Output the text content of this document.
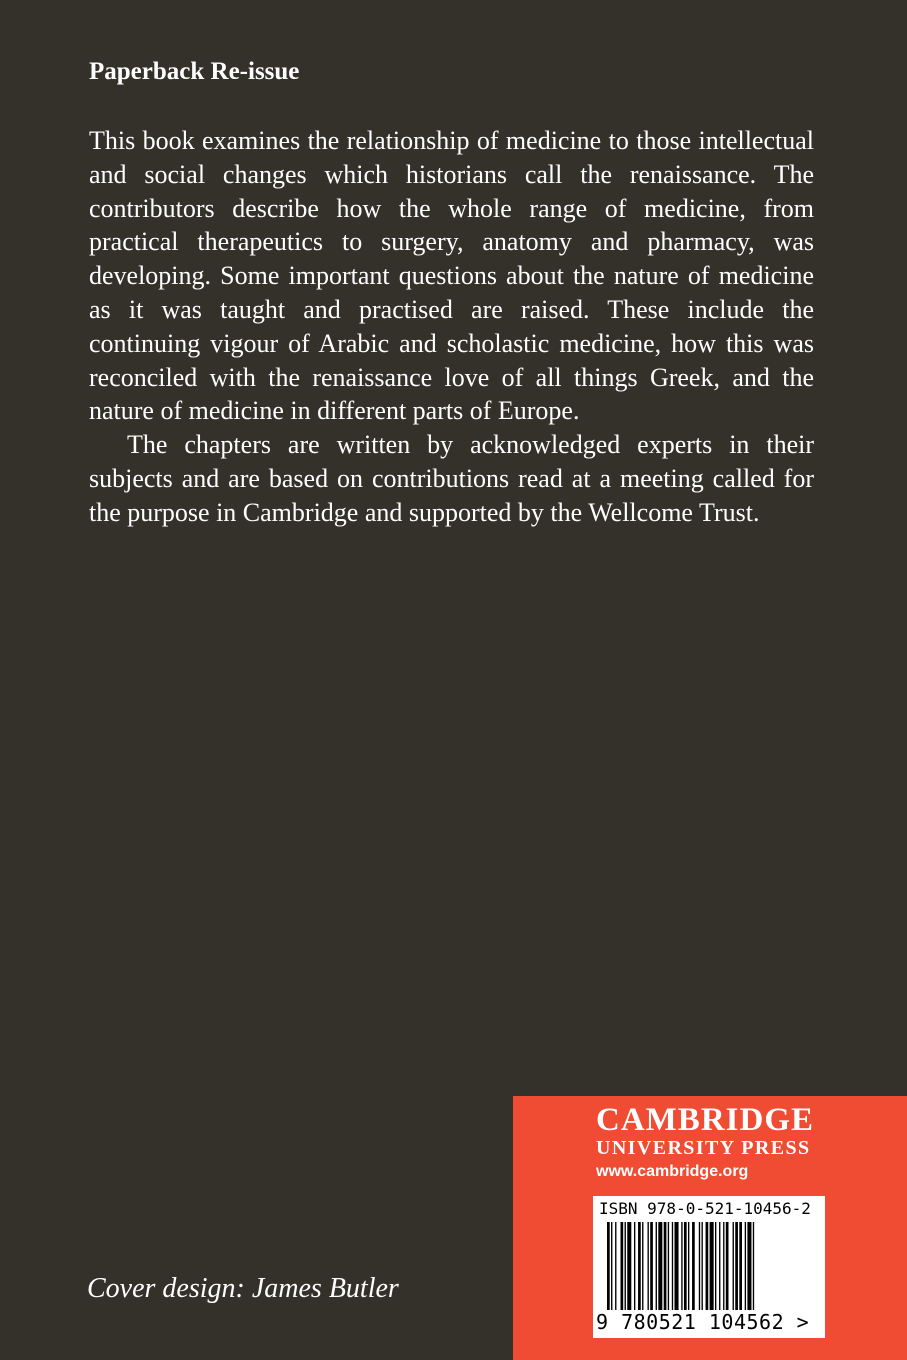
Paperback Re-issue

This book examines the relationship of medicine to those intellectual and social changes which historians call the renaissance. The contributors describe how the whole range of medicine, from practical therapeutics to surgery, anatomy and pharmacy, was developing. Some important questions about the nature of medicine as it was taught and practised are raised. These include the continuing vigour of Arabic and scholastic medicine, how this was reconciled with the renaissance love of all things Greek, and the nature of medicine in different parts of Europe.

The chapters are written by acknowledged experts in their subjects and are based on contributions read at a meeting called for the purpose in Cambridge and supported by the Wellcome Trust.

Cover design: James Butler
CAMBRIDGE
UNIVERSITY PRESS
www.cambridge.org
ISBN 978-0-521-10456-2
9 780521 104562 >
